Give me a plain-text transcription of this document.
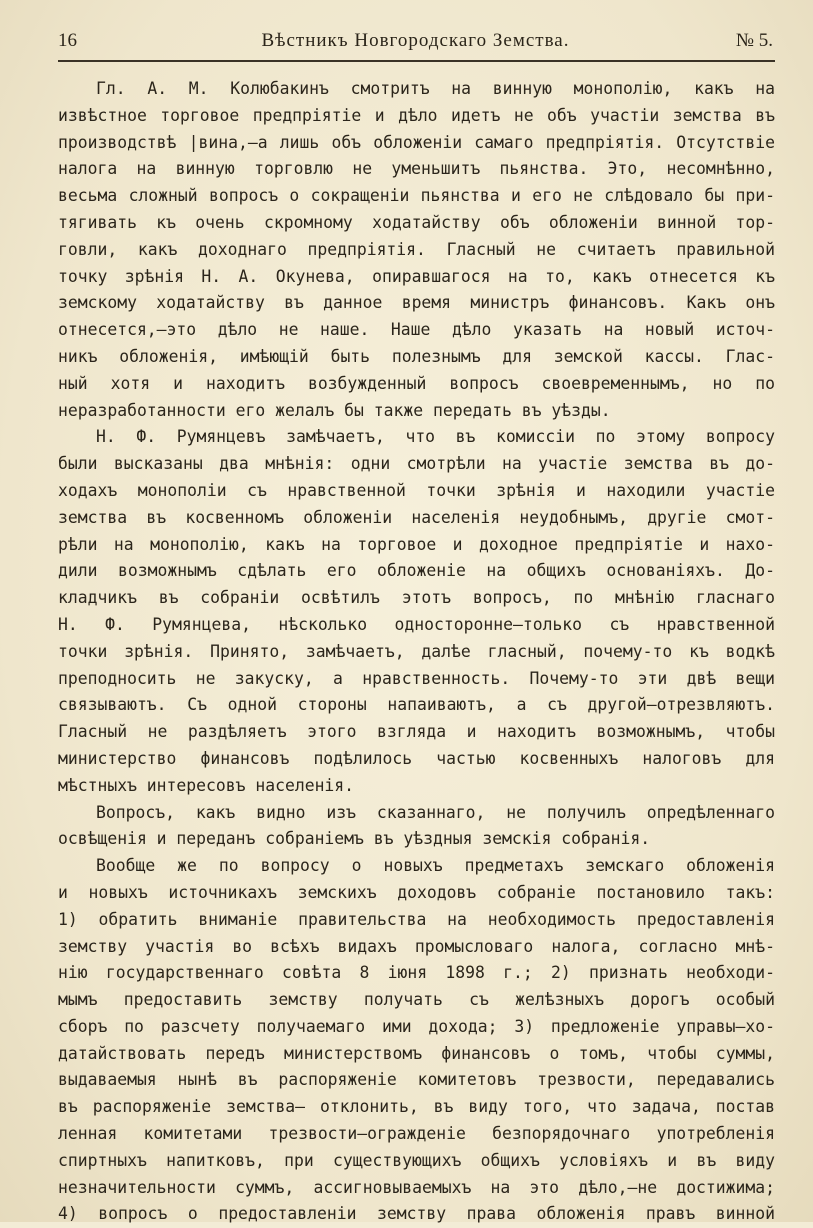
16	Вѣстникъ Новгородскаго Земства.	№ 5.
Гл. А. М. Колюбакинъ смотритъ на винную монополію, какъ на
извѣстное торговое предпріятіе и дѣло идетъ не объ участіи земства въ
производствѣ |вина,—а лишь объ обложеніи самаго предпріятія. Отсутствіе
налога на винную торговлю не уменьшитъ пьянства. Это, несомнѣнно,
весьма сложный вопросъ о сокращеніи пьянства и его не слѣдовало бы при-
тягивать къ очень скромному ходатайству объ обложеніи винной тор-
говли, какъ доходнаго предпріятія. Гласный не считаетъ правильной
точку зрѣнія Н. А. Окунева, опиравшагося на то, какъ отнесется къ
земскому ходатайству въ данное время министръ финансовъ. Какъ онъ
отнесется,—это дѣло не наше. Наше дѣло указать на новый источ-
никъ обложенія, имѣющій быть полезнымъ для земской кассы. Глас-
ный хотя и находитъ возбужденный вопросъ своевременнымъ, но по
неразработанности его желалъ бы также передать въ уѣзды.
Н. Ф. Румянцевъ замѣчаетъ, что въ комиссіи по этому вопросу
были высказаны два мнѣнія: одни смотрѣли на участіе земства въ до-
ходахъ монополіи съ нравственной точки зрѣнія и находили участіе
земства въ косвенномъ обложеніи населенія неудобнымъ, другіе смот-
рѣли на монополію, какъ на торговое и доходное предпріятіе и нахо-
дили возможнымъ сдѣлать его обложеніе на общихъ основаніяхъ. До-
кладчикъ въ собраніи освѣтилъ этотъ вопросъ, по мнѣнію гласнаго
Н. Ф. Румянцева, нѣсколько односторонне—только съ нравственной
точки зрѣнія. Принято, замѣчаетъ, далѣе гласный, почему-то къ водкѣ
преподносить не закуску, а нравственность. Почему-то эти двѣ вещи
связываютъ. Съ одной стороны напаиваютъ, а съ другой—отрезвляютъ.
Гласный не раздѣляетъ этого взгляда и находитъ возможнымъ, чтобы
министерство финансовъ подѣлилось частью косвенныхъ налоговъ для
мѣстныхъ интересовъ населенія.
Вопросъ, какъ видно изъ сказаннаго, не получилъ опредѣленнаго
освѣщенія и переданъ собраніемъ въ уѣздныя земскія собранія.
Вообще же по вопросу о новыхъ предметахъ земскаго обложенія
и новыхъ источникахъ земскихъ доходовъ собраніе постановило такъ:
1) обратить вниманіе правительства на необходимость предоставленія
земству участія во всѣхъ видахъ промысловаго налога, согласно мнѣ-
нію государственнаго совѣта 8 іюня 1898 г.; 2) признать необходи-
мымъ предоставить земству получать съ желѣзныхъ дорогъ особый
сборъ по разсчету получаемаго ими дохода; 3) предложеніе управы—хо-
датайствовать передъ министерствомъ финансовъ о томъ, чтобы суммы,
выдаваемыя нынѣ въ распоряженіе комитетовъ трезвости, передавались
въ распоряженіе земства— отклонить, въ виду того, что задача, постав
ленная комитетами трезвости—огражденіе безпорядочнаго употребленія
спиртныхъ напитковъ, при существующихъ общихъ условіяхъ и въ виду
незначительности суммъ, ассигновываемыхъ на это дѣло,—не достижима;
4) вопросъ о предоставленіи земству права обложенія правъ винной
